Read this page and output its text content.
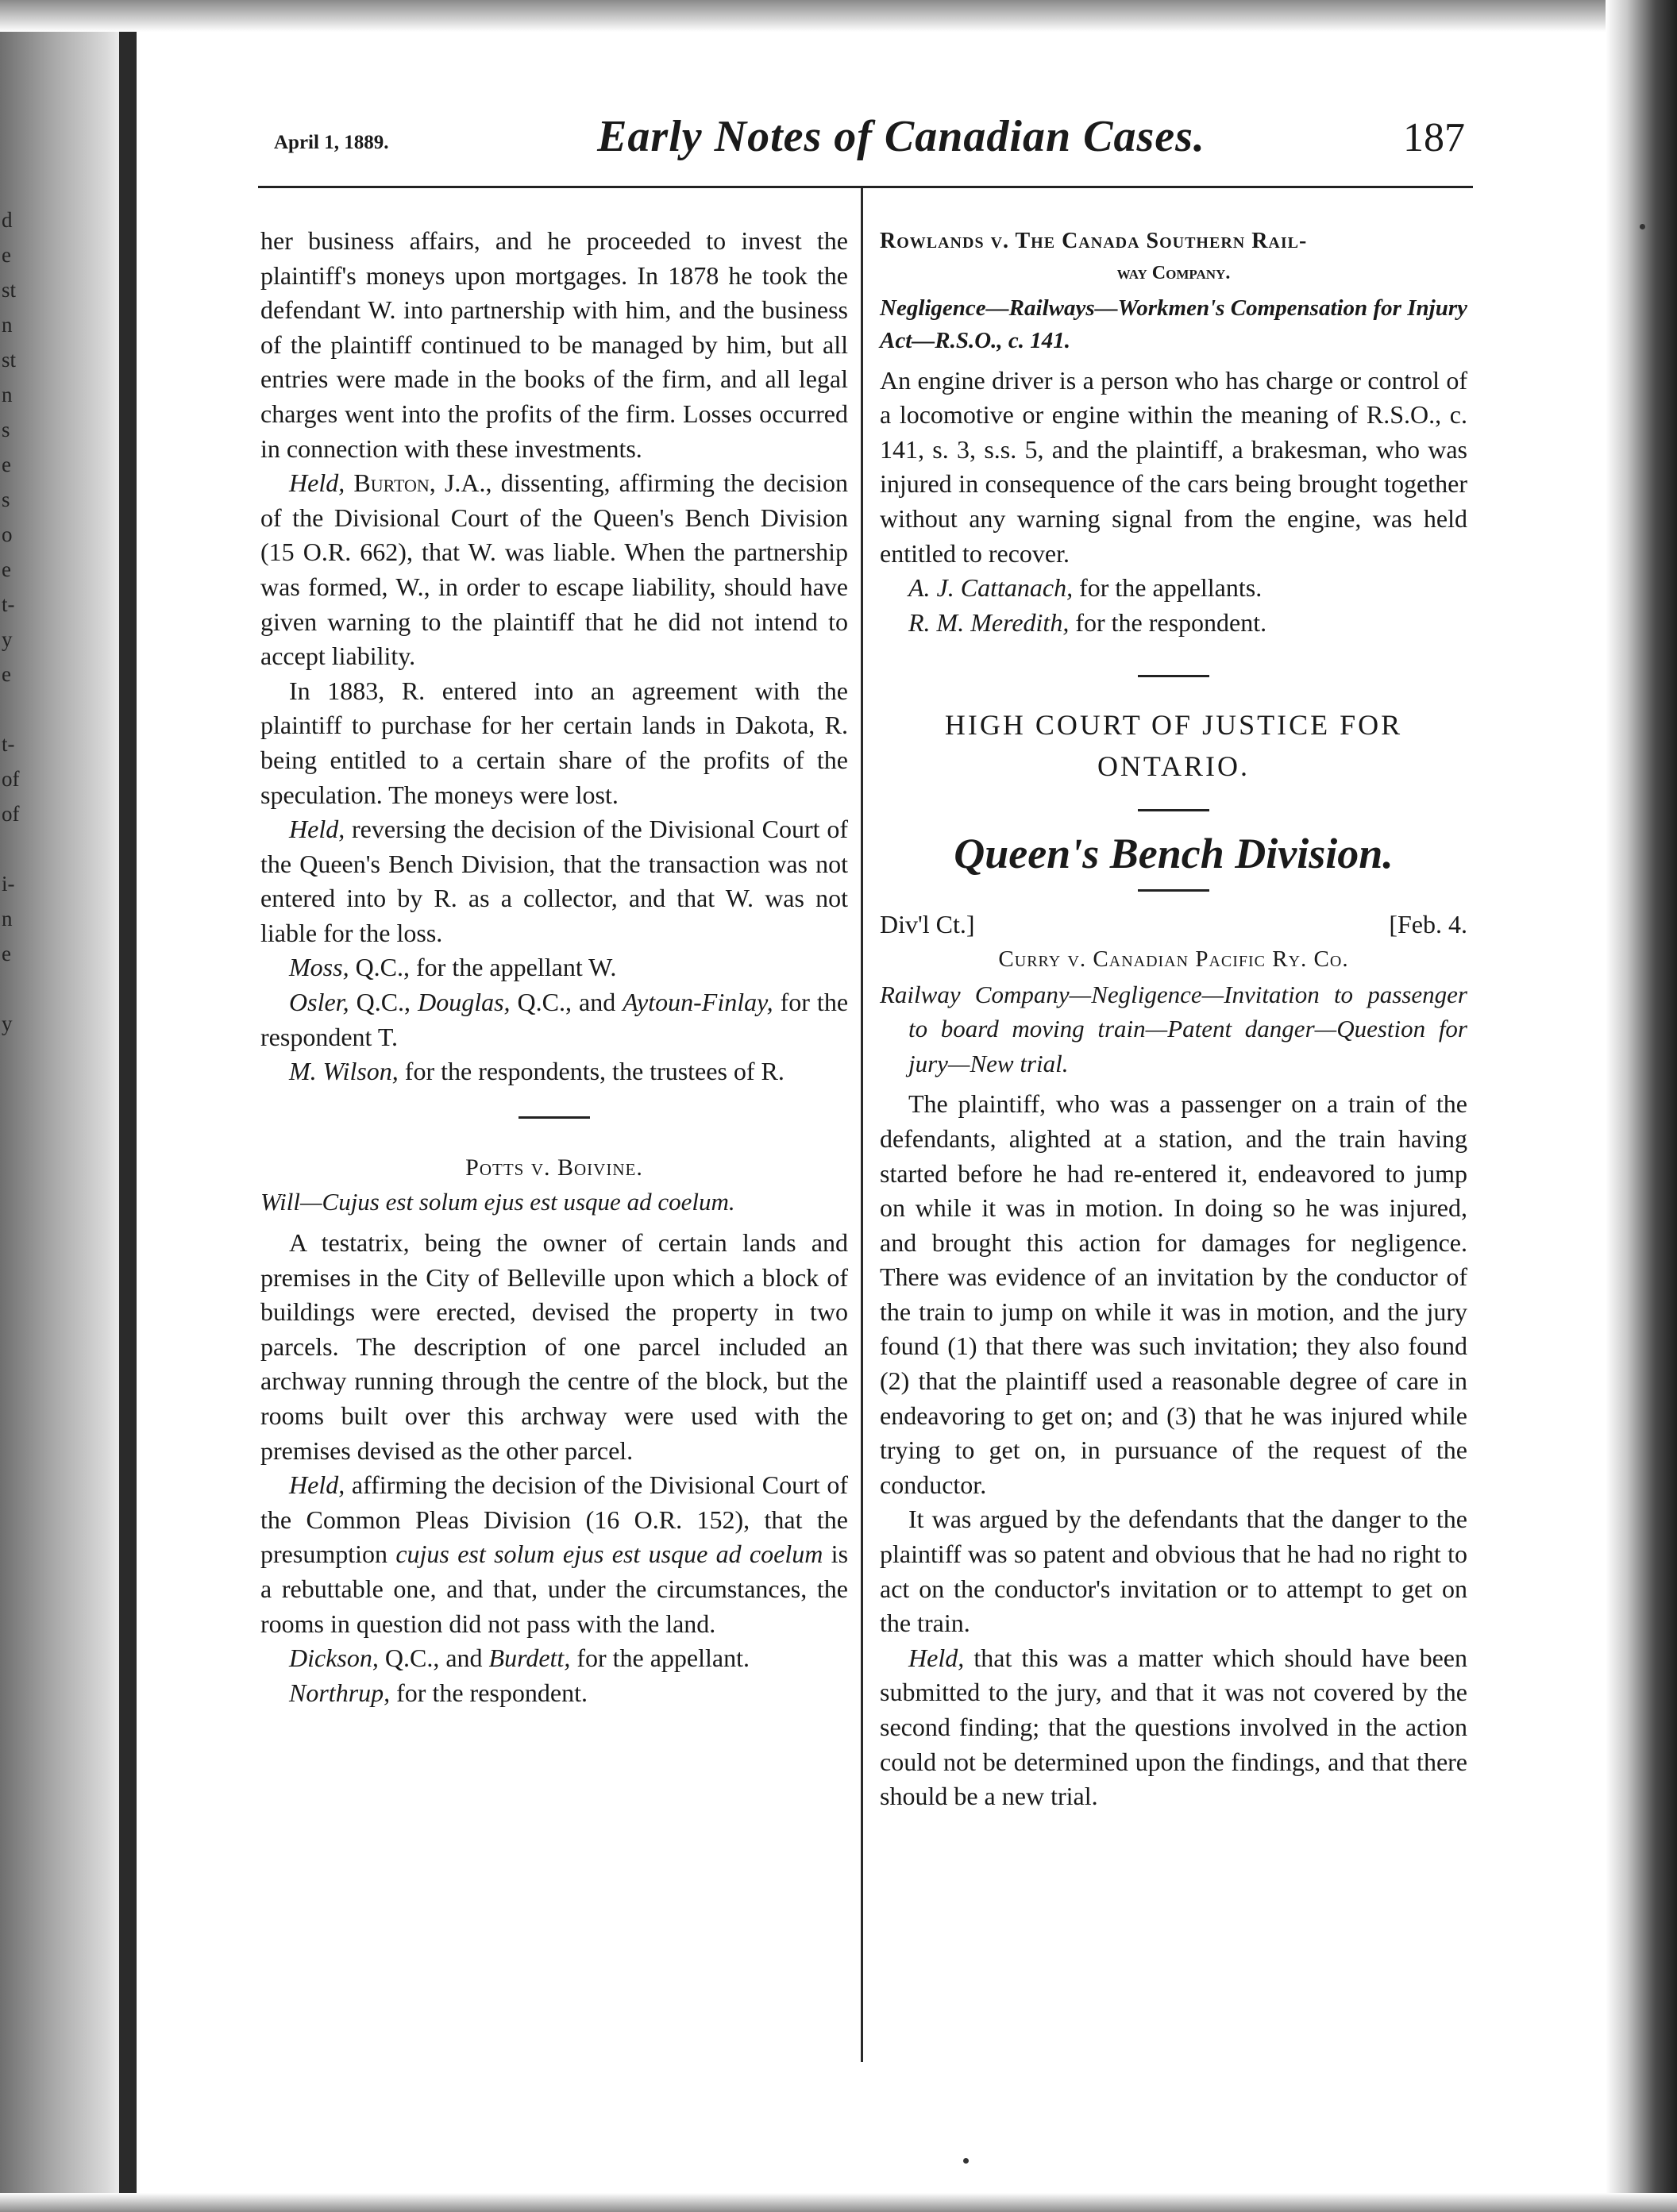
d
e
st
n
st
n
s
e
s
o
e
t-
y
e
t-
of
of
i-
n
e
y
April 1, 1889.	Early Notes of Canadian Cases.	187

her business affairs, and he proceeded to invest the plaintiff's moneys upon mortgages. In 1878 he took the defendant W. into partnership with him, and the business of the plaintiff continued to be managed by him, but all entries were made in the books of the firm, and all legal charges went into the profits of the firm. Losses occurred in connection with these investments.

Held, Burton, J.A., dissenting, affirming the decision of the Divisional Court of the Queen's Bench Division (15 O.R. 662), that W. was liable. When the partnership was formed, W., in order to escape liability, should have given warning to the plaintiff that he did not intend to accept liability.

In 1883, R. entered into an agreement with the plaintiff to purchase for her certain lands in Dakota, R. being entitled to a certain share of the profits of the speculation. The moneys were lost.

Held, reversing the decision of the Divisional Court of the Queen's Bench Division, that the transaction was not entered into by R. as a collector, and that W. was not liable for the loss.

Moss, Q.C., for the appellant W.

Osler, Q.C., Douglas, Q.C., and Aytoun-Finlay, for the respondent T.

M. Wilson, for the respondents, the trustees of R.

Potts v. Boivine.

Will—Cujus est solum ejus est usque ad coelum.

A testatrix, being the owner of certain lands and premises in the City of Belleville upon which a block of buildings were erected, devised the property in two parcels. The description of one parcel included an archway running through the centre of the block, but the rooms built over this archway were used with the premises devised as the other parcel.

Held, affirming the decision of the Divisional Court of the Common Pleas Division (16 O.R. 152), that the presumption cujus est solum ejus est usque ad coelum is a rebuttable one, and that, under the circumstances, the rooms in question did not pass with the land.

Dickson, Q.C., and Burdett, for the appellant.

Northrup, for the respondent.

Rowlands v. The Canada Southern Rail-

way Company.

Negligence—Railways—Workmen's Compensation for Injury Act—R.S.O., c. 141.

An engine driver is a person who has charge or control of a locomotive or engine within the meaning of R.S.O., c. 141, s. 3, s.s. 5, and the plaintiff, a brakesman, who was injured in consequence of the cars being brought together without any warning signal from the engine, was held entitled to recover.

A. J. Cattanach, for the appellants.

R. M. Meredith, for the respondent.

HIGH COURT OF JUSTICE FOR

ONTARIO.

Queen's Bench Division.

Div'l Ct.]	[Feb. 4.

Curry v. Canadian Pacific Ry. Co.

Railway Company—Negligence—Invitation to passenger to board moving train—Patent danger—Question for jury—New trial.

The plaintiff, who was a passenger on a train of the defendants, alighted at a station, and the train having started before he had re-entered it, endeavored to jump on while it was in motion. In doing so he was injured, and brought this action for damages for negligence. There was evidence of an invitation by the conductor of the train to jump on while it was in motion, and the jury found (1) that there was such invitation; they also found (2) that the plaintiff used a reasonable degree of care in endeavoring to get on; and (3) that he was injured while trying to get on, in pursuance of the request of the conductor.

It was argued by the defendants that the danger to the plaintiff was so patent and obvious that he had no right to act on the conductor's invitation or to attempt to get on the train.

Held, that this was a matter which should have been submitted to the jury, and that it was not covered by the second finding; that the questions involved in the action could not be determined upon the findings, and that there should be a new trial.
